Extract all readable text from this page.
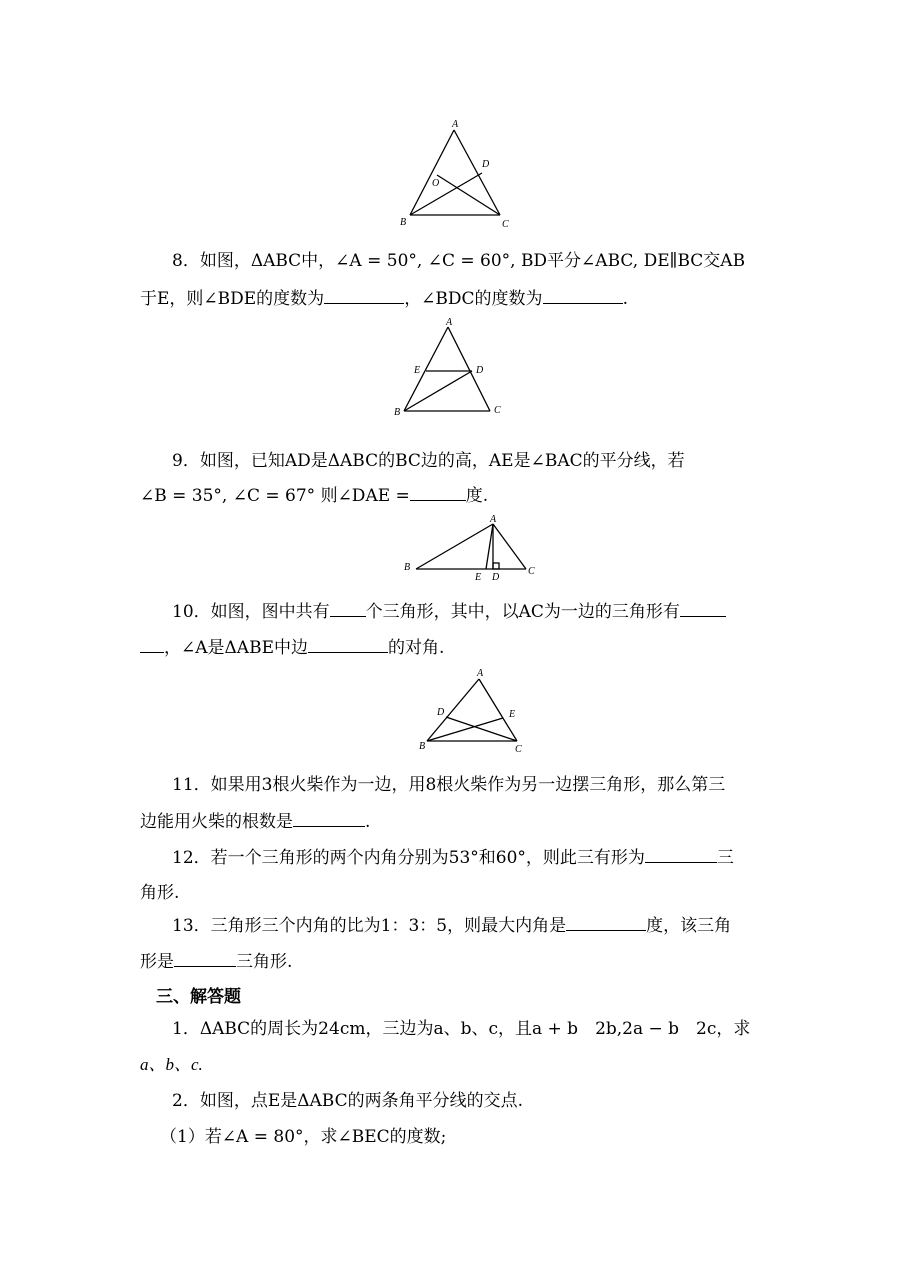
A
B	C
D
O
8．如图，ΔABC中，∠A = 50°, ∠C = 60°, BD平分∠ABC, DE∥BC交AB
于E，则∠BDE的度数为	，∠BDC的度数为	.
A
B	C
D
E
9．如图，已知AD是ΔABC的BC边的高，AE是∠BAC的平分线，若
∠B = 35°, ∠C = 67° 则∠DAE =	度.
A
B	C
D
E
10．如图，图中共有 个三角形，其中，以AC为一边的三角形有
，∠A是ΔABE中边	的对角.
A
B	C
D	E
11．如果用3根火柴作为一边，用8根火柴作为另一边摆三角形，那么第三
边能用火柴的根数是	.
12．若一个三角形的两个内角分别为53°和60°，则此三有形为	三
角形.
13．三角形三个内角的比为1：3：5，则最大内角是	度，该三角
形是	三角形.
三、解答题
1．ΔABC的周长为24cm，三边为a、b、c，且a + b　2b,2a − b　2c，求
a、b、c.
2．如图，点E是ΔABC的两条角平分线的交点.
（1）若∠A = 80°，求∠BEC的度数;
